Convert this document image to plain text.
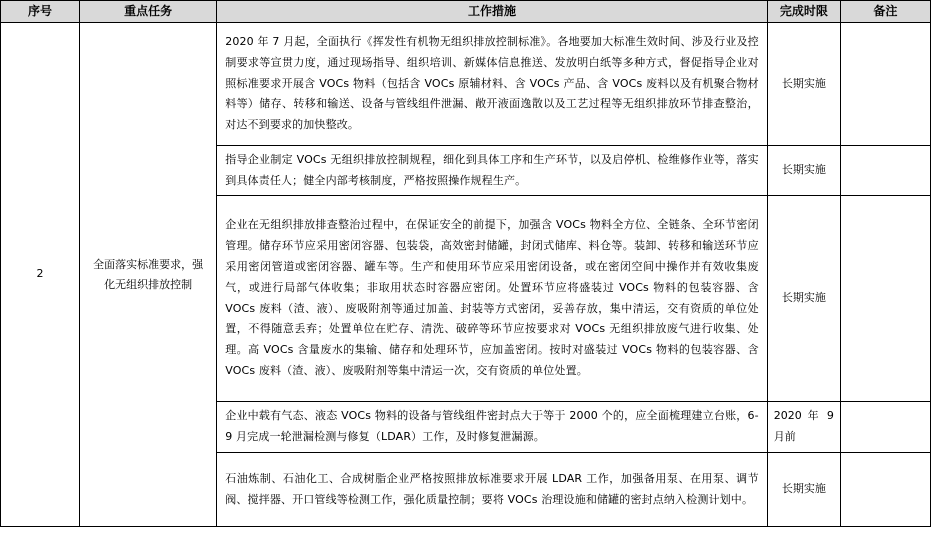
序号	重点任务	工作措施	完成时限	备注
2	全面落实标准要求，强化无组织排放控制	2020 年 7 月起，全面执行《挥发性有机物无组织排放控制标准》。各地要加大标准生效时间、涉及行业及控制要求等宣贯力度，通过现场指导、组织培训、新媒体信息推送、发放明白纸等多种方式，督促指导企业对照标准要求开展含 VOCs 物料（包括含 VOCs 原辅材料、含 VOCs 产品、含 VOCs 废料以及有机聚合物材料等）储存、转移和输送、设备与管线组件泄漏、敞开液面逸散以及工艺过程等无组织排放环节排查整治，对达不到要求的加快整改。	长期实施	
		指导企业制定 VOCs 无组织排放控制规程，细化到具体工序和生产环节，以及启停机、检维修作业等，落实到具体责任人；健全内部考核制度，严格按照操作规程生产。	长期实施	
		企业在无组织排放排查整治过程中，在保证安全的前提下，加强含 VOCs 物料全方位、全链条、全环节密闭管理。储存环节应采用密闭容器、包装袋，高效密封储罐，封闭式储库、料仓等。装卸、转移和输送环节应采用密闭管道或密闭容器、罐车等。生产和使用环节应采用密闭设备，或在密闭空间中操作并有效收集废气，或进行局部气体收集；非取用状态时容器应密闭。处置环节应将盛装过 VOCs 物料的包装容器、含 VOCs 废料（渣、液）、废吸附剂等通过加盖、封装等方式密闭，妥善存放，集中清运，交有资质的单位处置，不得随意丢弃；处置单位在贮存、清洗、破碎等环节应按要求对 VOCs 无组织排放废气进行收集、处理。高 VOCs 含量废水的集输、储存和处理环节，应加盖密闭。按时对盛装过 VOCs 物料的包装容器、含 VOCs 废料（渣、液）、废吸附剂等集中清运一次，交有资质的单位处置。	长期实施	
		企业中载有气态、液态 VOCs 物料的设备与管线组件密封点大于等于 2000 个的，应全面梳理建立台账，6-9 月完成一轮泄漏检测与修复（LDAR）工作，及时修复泄漏源。	2020 年 9 月前	
		石油炼制、石油化工、合成树脂企业严格按照排放标准要求开展 LDAR 工作，加强备用泵、在用泵、调节阀、搅拌器、开口管线等检测工作，强化质量控制；要将 VOCs 治理设施和储罐的密封点纳入检测计划中。	长期实施	
